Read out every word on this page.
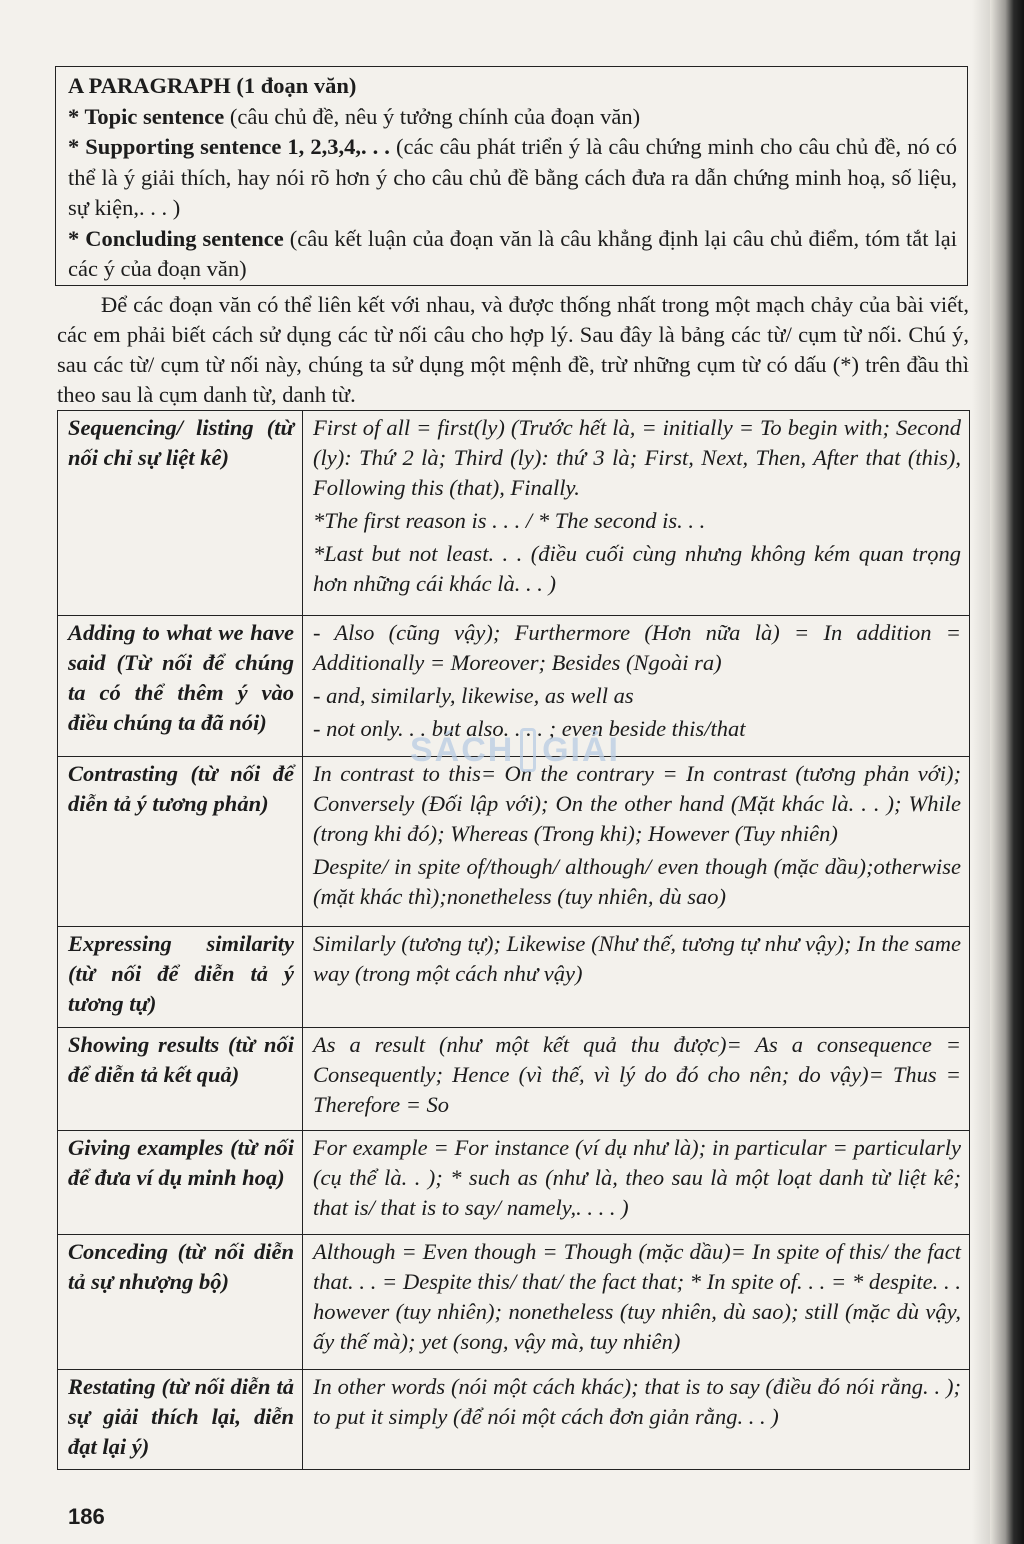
A PARAGRAPH (1 đoạn văn)
* Topic sentence (câu chủ đề, nêu ý tưởng chính của đoạn văn)
* Supporting sentence 1, 2,3,4,. . . (các câu phát triển ý là câu chứng minh cho câu chủ đề, nó có thể là ý giải thích, hay nói rõ hơn ý cho câu chủ đề bằng cách đưa ra dẫn chứng minh hoạ, số liệu, sự kiện,. . . )
* Concluding sentence (câu kết luận của đoạn văn là câu khẳng định lại câu chủ điểm, tóm tắt lại các ý của đoạn văn)

Để các đoạn văn có thể liên kết với nhau, và được thống nhất trong một mạch chảy của bài viết, các em phải biết cách sử dụng các từ nối câu cho hợp lý. Sau đây là bảng các từ/ cụm từ nối. Chú ý, sau các từ/ cụm từ nối này, chúng ta sử dụng một mệnh đề, trừ những cụm từ có dấu (*) trên đầu thì theo sau là cụm danh từ, danh từ.

Sequencing/ listing (từ nối chỉ sự liệt kê)	First of all = first(ly) (Trước hết là, = initially = To begin with; Second (ly): Thứ 2 là; Third (ly): thứ 3 là; First, Next, Then, After that (this), Following this (that), Finally.

*The first reason is . . . / * The second is. . .

*Last but not least. . . (điều cuối cùng nhưng không kém quan trọng hơn những cái khác là. . . )

Adding to what we have said (Từ nối để chúng ta có thể thêm ý vào điều chúng ta đã nói)	- Also (cũng vậy); Furthermore (Hơn nữa là) = In addition = Additionally = Moreover; Besides (Ngoài ra)

- and, similarly, likewise, as well as

- not only. . . but also. . . . ; even beside this/that

Contrasting (từ nối để diễn tả ý tương phản)	In contrast to this= On the contrary = In contrast (tương phản với); Conversely (Đối lập với); On the other hand (Mặt khác là. . . ); While (trong khi đó); Whereas (Trong khi); However (Tuy nhiên)

Despite/ in spite of/though/ although/ even though (mặc dầu);otherwise (mặt khác thì);nonetheless (tuy nhiên, dù sao)

Expressing similarity (từ nối để diễn tả ý tương tự)	Similarly (tương tự); Likewise (Như thế, tương tự như vậy); In the same way (trong một cách như vậy)

Showing results (từ nối để diễn tả kết quả)	As a result (như một kết quả thu được)= As a consequence = Consequently; Hence (vì thế, vì lý do đó cho nên; do vậy)= Thus = Therefore = So

Giving examples (từ nối để đưa ví dụ minh hoạ)	For example = For instance (ví dụ như là); in particular = particularly (cụ thể là. . ); * such as (như là, theo sau là một loạt danh từ liệt kê; that is/ that is to say/ namely,. . . . )

Conceding (từ nối diễn tả sự nhượng bộ)	Although = Even though = Though (mặc dầu)= In spite of this/ the fact that. . . = Despite this/ that/ the fact that; * In spite of. . . = * despite. . . however (tuy nhiên); nonetheless (tuy nhiên, dù sao); still (mặc dù vậy, ấy thế mà); yet (song, vậy mà, tuy nhiên)

Restating (từ nối diễn tả sự giải thích lại, diễn đạt lại ý)	In other words (nói một cách khác); that is to say (điều đó nói rằng. . ); to put it simply (để nói một cách đơn giản rằng. . . )

SÁCH GIẢI
186
